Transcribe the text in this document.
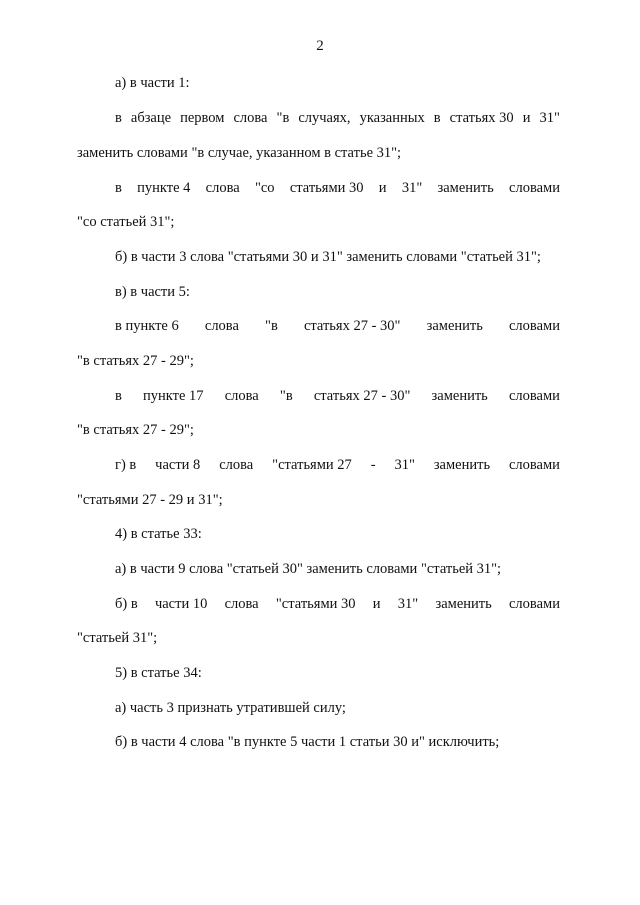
2
а) в части 1:
в абзаце первом слова "в случаях, указанных в статьях 30 и 31"
заменить словами "в случае, указанном в статье 31";
в пункте 4 слова "со статьями 30 и 31" заменить словами
"со статьей 31";
б) в части 3 слова "статьями 30 и 31" заменить словами "статьей 31";
в) в части 5:
в пункте 6 слова "в статьях 27 - 30" заменить словами
"в статьях 27 - 29";
в пункте 17 слова "в статьях 27 - 30" заменить словами
"в статьях 27 - 29";
г) в части 8 слова "статьями 27 - 31" заменить словами
"статьями 27 - 29 и 31";
4) в статье 33:
а) в части 9 слова "статьей 30" заменить словами "статьей 31";
б) в части 10 слова "статьями 30 и 31" заменить словами
"статьей 31";
5) в статье 34:
а) часть 3 признать утратившей силу;
б) в части 4 слова "в пункте 5 части 1 статьи 30 и" исключить;
